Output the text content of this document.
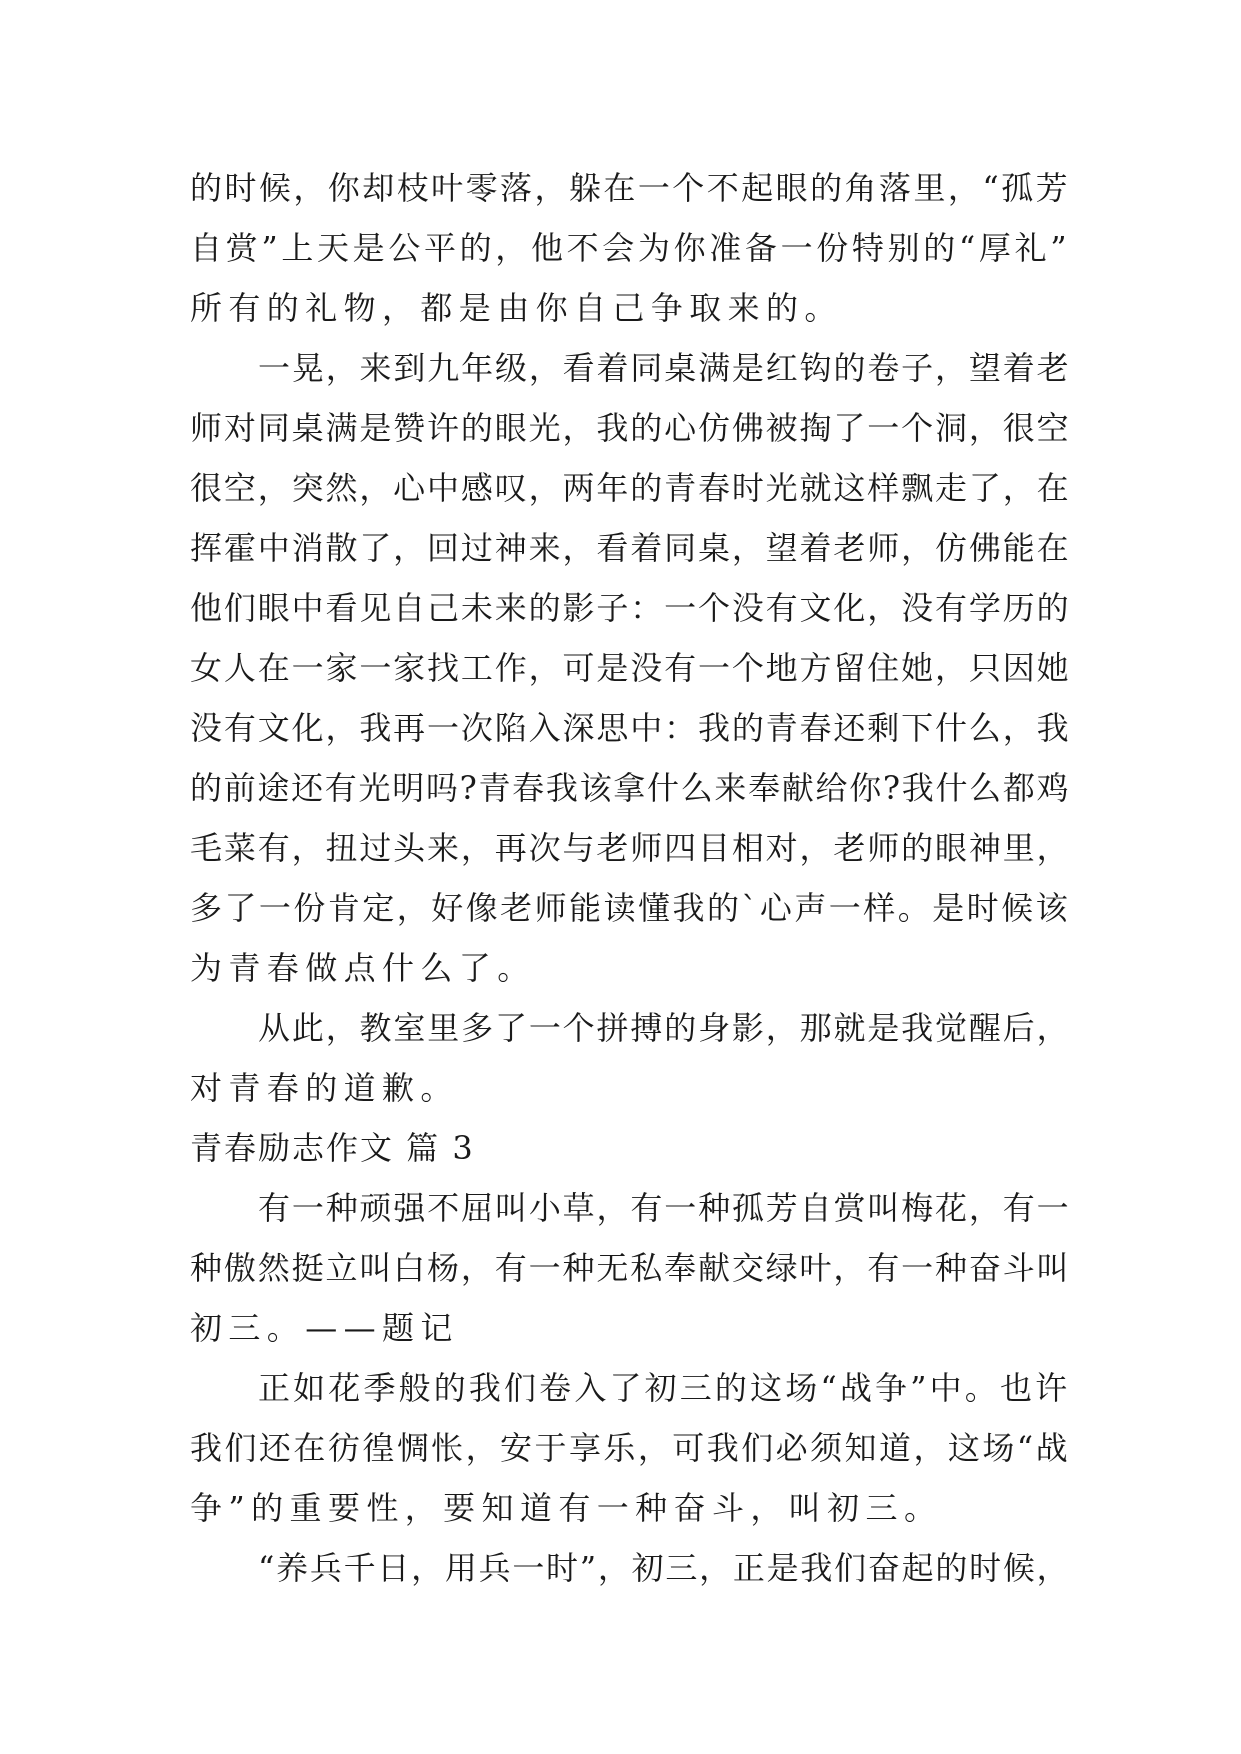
的时候，你却枝叶零落，躲在一个不起眼的角落里，“孤芳
自赏”上天是公平的，他不会为你准备一份特别的“厚礼”
所有的礼物，都是由你自己争取来的。
一晃，来到九年级，看着同桌满是红钩的卷子，望着老
师对同桌满是赞许的眼光，我的心仿佛被掏了一个洞，很空
很空，突然，心中感叹，两年的青春时光就这样飘走了，在
挥霍中消散了，回过神来，看着同桌，望着老师，仿佛能在
他们眼中看见自己未来的影子：一个没有文化，没有学历的
女人在一家一家找工作，可是没有一个地方留住她，只因她
没有文化，我再一次陷入深思中：我的青春还剩下什么，我
的前途还有光明吗?青春我该拿什么来奉献给你?我什么都鸡
毛菜有，扭过头来，再次与老师四目相对，老师的眼神里，
多了一份肯定，好像老师能读懂我的`心声一样。是时候该
为青春做点什么了。
从此，教室里多了一个拼搏的身影，那就是我觉醒后，
对青春的道歉。
青春励志作文 篇 3
有一种顽强不屈叫小草，有一种孤芳自赏叫梅花，有一
种傲然挺立叫白杨，有一种无私奉献交绿叶，有一种奋斗叫
初三。——题记
正如花季般的我们卷入了初三的这场“战争”中。也许
我们还在彷徨惆怅，安于享乐，可我们必须知道，这场“战
争”的重要性，要知道有一种奋斗，叫初三。
“养兵千日，用兵一时”，初三，正是我们奋起的时候，
